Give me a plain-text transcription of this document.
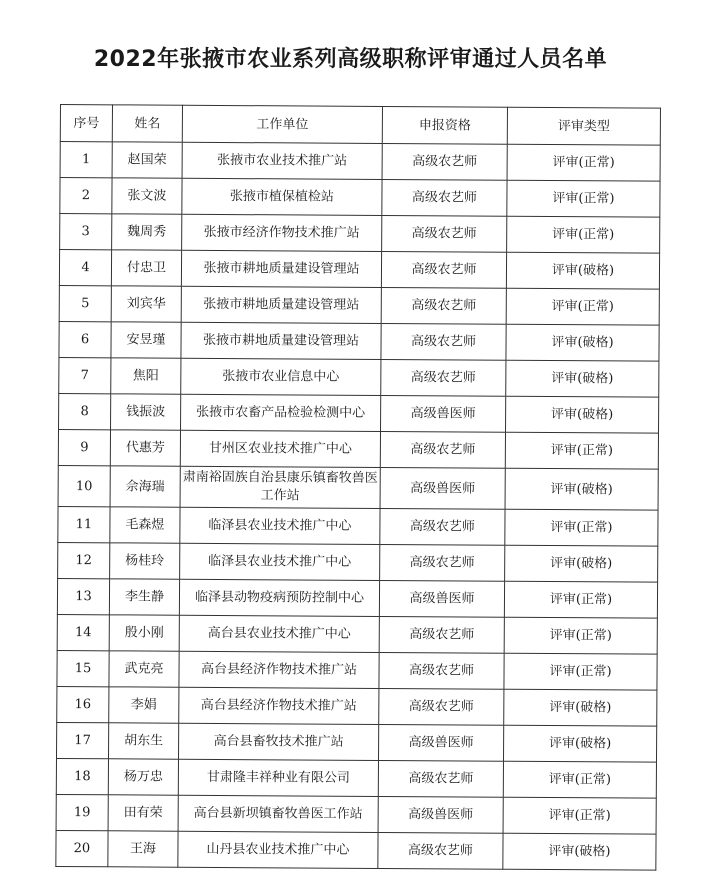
2022年张掖市农业系列高级职称评审通过人员名单
序号	姓名	工作单位	申报资格	评审类型
1	赵国荣	张掖市农业技术推广站	高级农艺师	评审(正常)
2	张文波	张掖市植保植检站	高级农艺师	评审(正常)
3	魏周秀	张掖市经济作物技术推广站	高级农艺师	评审(正常)
4	付忠卫	张掖市耕地质量建设管理站	高级农艺师	评审(破格)
5	刘宾华	张掖市耕地质量建设管理站	高级农艺师	评审(正常)
6	安昱瑾	张掖市耕地质量建设管理站	高级农艺师	评审(破格)
7	焦阳	张掖市农业信息中心	高级农艺师	评审(破格)
8	钱振波	张掖市农畜产品检验检测中心	高级兽医师	评审(破格)
9	代惠芳	甘州区农业技术推广中心	高级农艺师	评审(正常)
10	佘海瑞	肃南裕固族自治县康乐镇畜牧兽医工作站	高级兽医师	评审(破格)
11	毛森煜	临泽县农业技术推广中心	高级农艺师	评审(正常)
12	杨桂玲	临泽县农业技术推广中心	高级农艺师	评审(破格)
13	李生静	临泽县动物疫病预防控制中心	高级兽医师	评审(正常)
14	殷小刚	高台县农业技术推广中心	高级农艺师	评审(正常)
15	武克亮	高台县经济作物技术推广站	高级农艺师	评审(正常)
16	李娟	高台县经济作物技术推广站	高级农艺师	评审(破格)
17	胡东生	高台县畜牧技术推广站	高级兽医师	评审(破格)
18	杨万忠	甘肃隆丰祥种业有限公司	高级农艺师	评审(正常)
19	田有荣	高台县新坝镇畜牧兽医工作站	高级兽医师	评审(正常)
20	王海	山丹县农业技术推广中心	高级农艺师	评审(破格)
